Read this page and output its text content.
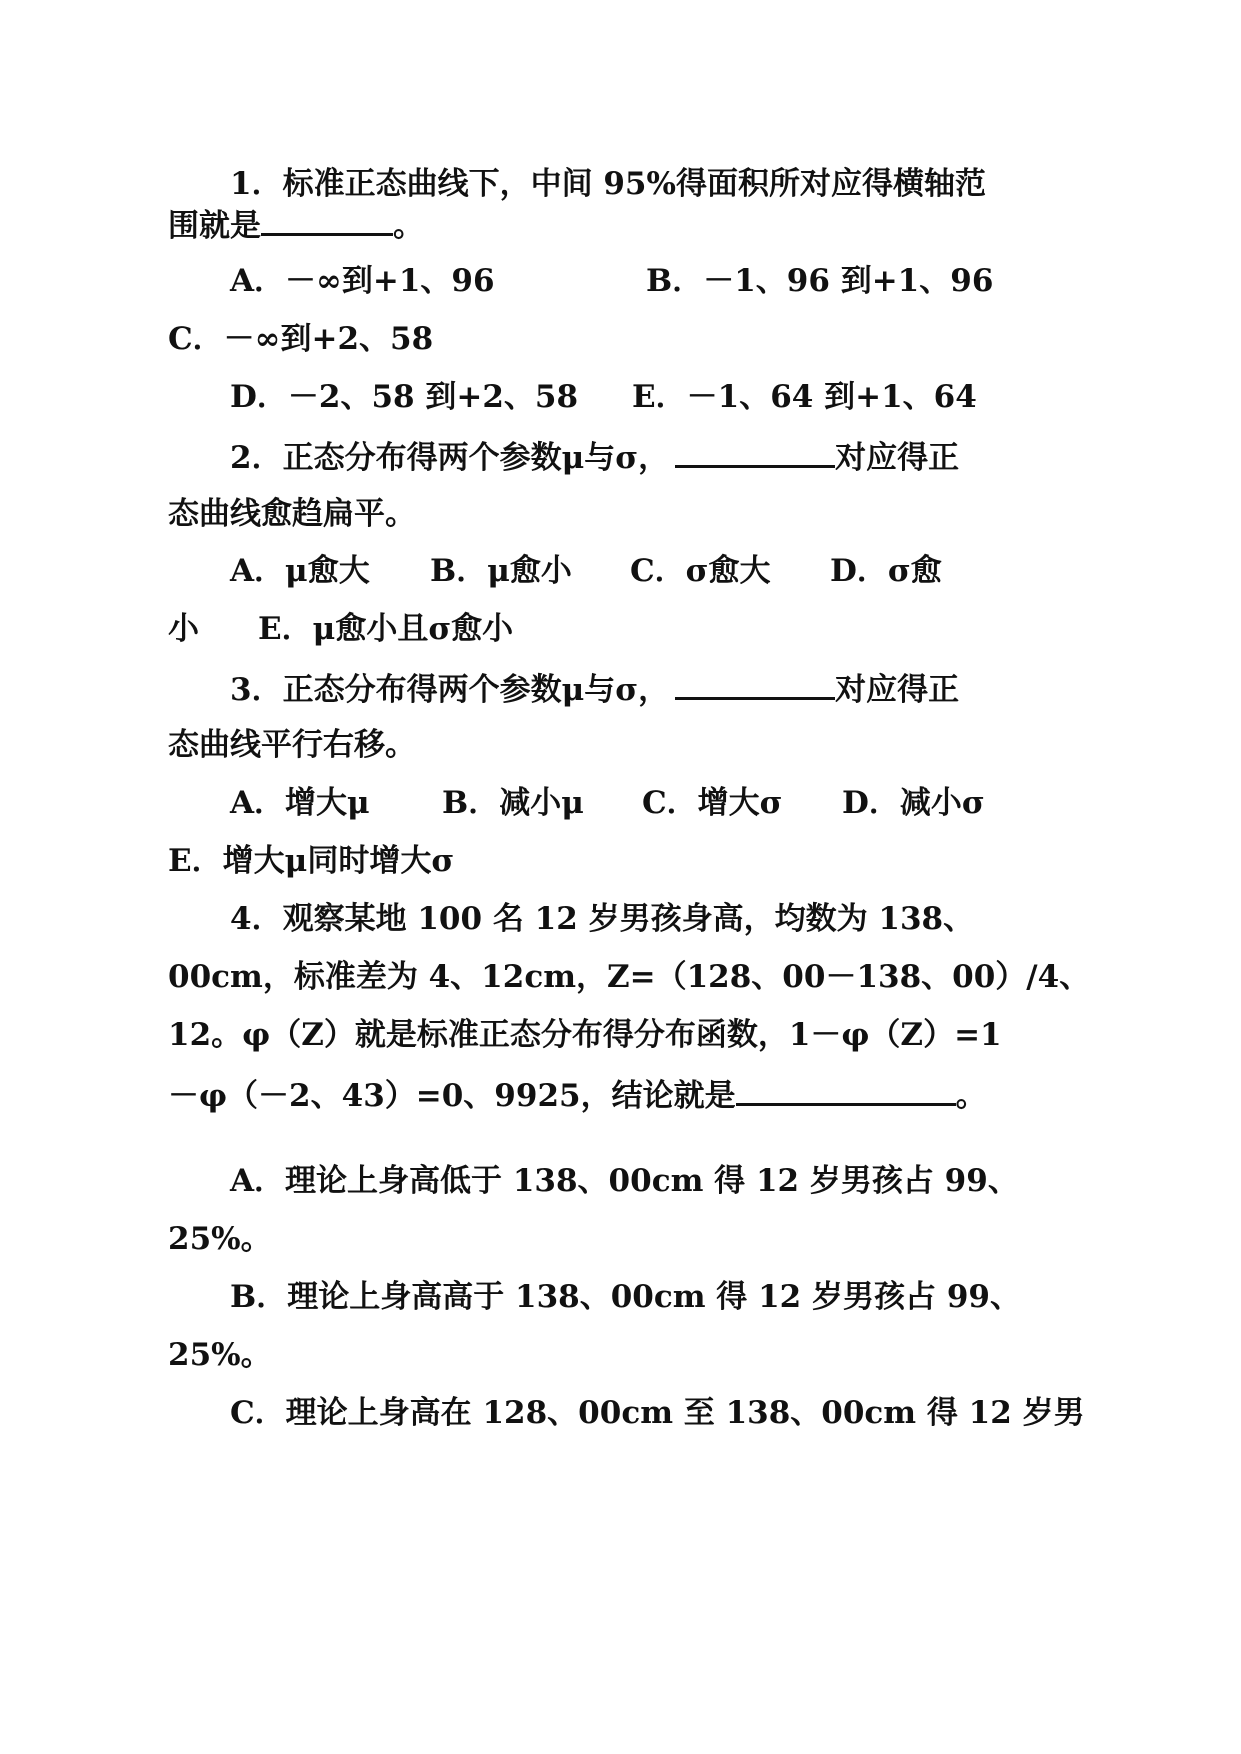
1．标准正态曲线下，中间 95%得面积所对应得横轴范
围就是	。
A．－∞到+1、96	B．－1、96 到+1、96
C．－∞到+2、58
D．－2、58 到+2、58 E．－1、64 到+1、64
2．正态分布得两个参数μ与σ，	对应得正
态曲线愈趋扁平。
A．μ愈大 B．μ愈小 C．σ愈大 D．σ愈
小 E．μ愈小且σ愈小
3．正态分布得两个参数μ与σ，	对应得正
态曲线平行右移。
A．增大μ B．减小μ C．增大σ D．减小σ
E．增大μ同时增大σ
4．观察某地 100 名 12 岁男孩身高，均数为 138、
00cm，标准差为 4、12cm，Z=（128、00－138、00）/4、
12。φ（Z）就是标准正态分布得分布函数，1－φ（Z）=1
－φ（－2、43）=0、9925，结论就是	。
A．理论上身高低于 138、00cm 得 12 岁男孩占 99、
25%。
B．理论上身高高于 138、00cm 得 12 岁男孩占 99、
25%。
C．理论上身高在 128、00cm 至 138、00cm 得 12 岁男
